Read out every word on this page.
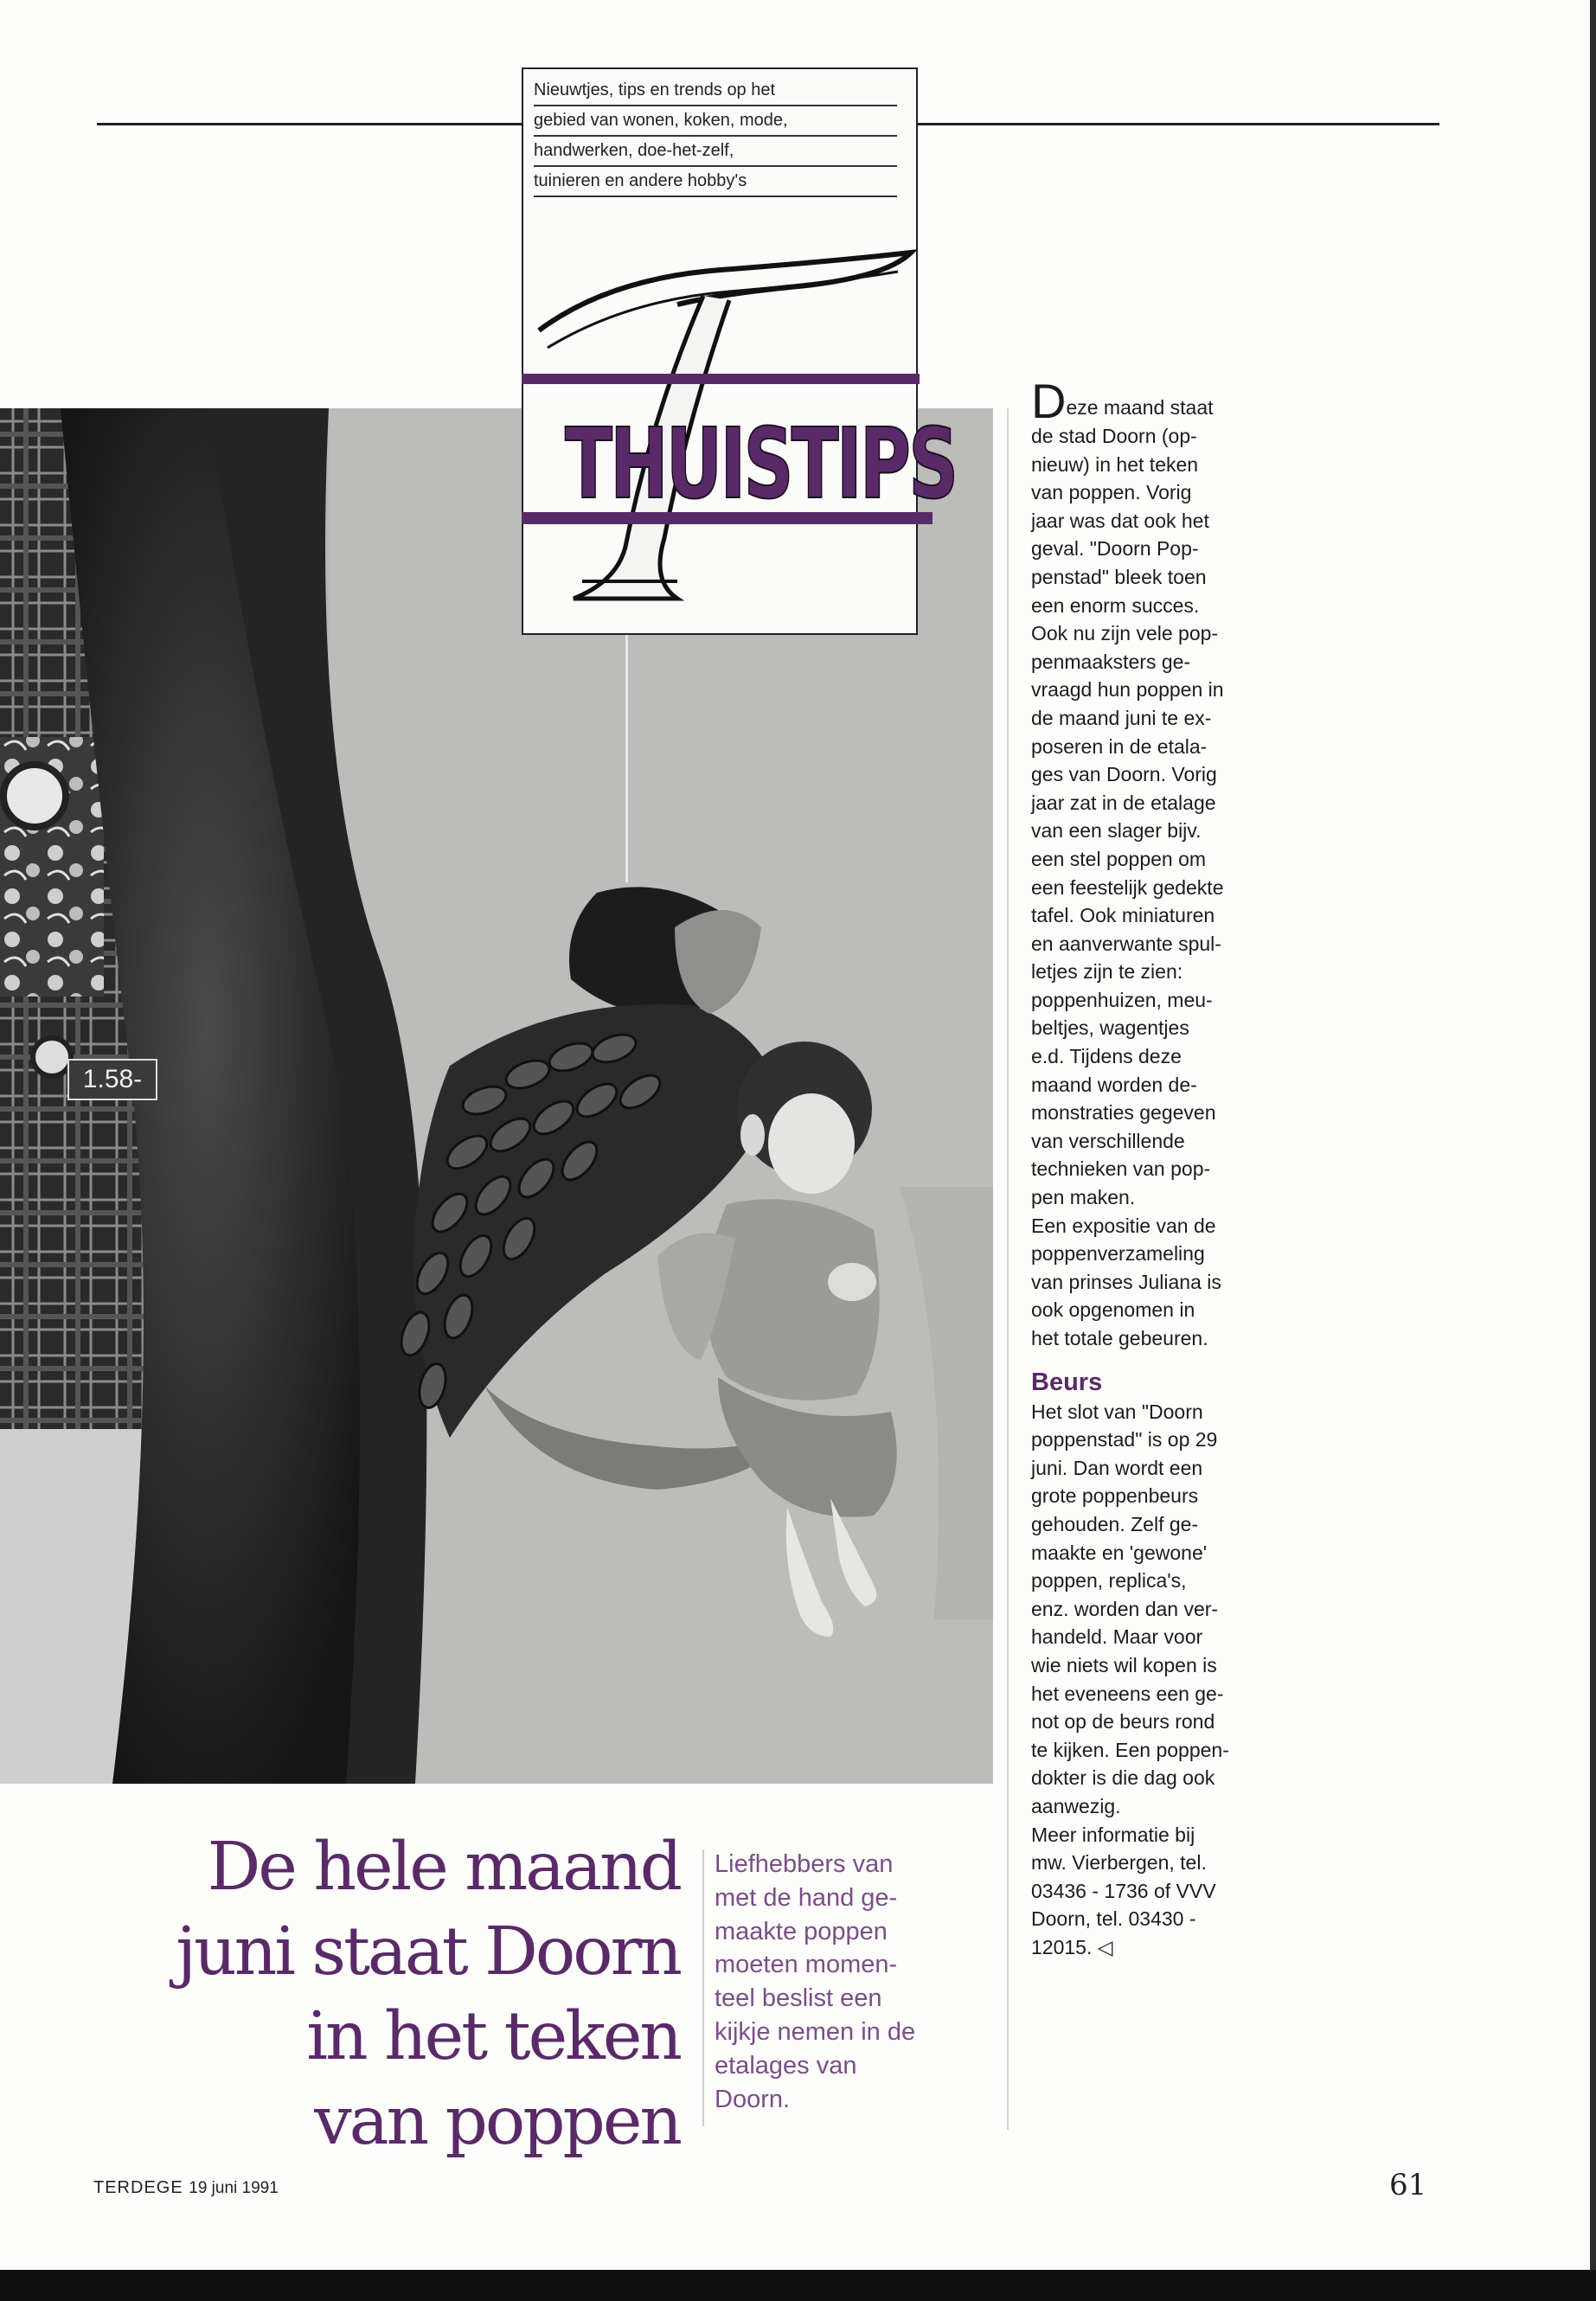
1.58-
Nieuwtjes, tips en trends op het
gebied van wonen, koken, mode,
handwerken, doe-het-zelf,
tuinieren en andere hobby's
THUISTIPS
Deze maand staat
de stad Doorn (op-
nieuw) in het teken
van poppen. Vorig
jaar was dat ook het
geval. "Doorn Pop-
penstad" bleek toen
een enorm succes.
Ook nu zijn vele pop-
penmaaksters ge-
vraagd hun poppen in
de maand juni te ex-
poseren in de etala-
ges van Doorn. Vorig
jaar zat in de etalage
van een slager bijv.
een stel poppen om
een feestelijk gedekte
tafel. Ook miniaturen
en aanverwante spul-
letjes zijn te zien:
poppenhuizen, meu-
beltjes, wagentjes
e.d. Tijdens deze
maand worden de-
monstraties gegeven
van verschillende
technieken van pop-
pen maken.
Een expositie van de
poppenverzameling
van prinses Juliana is
ook opgenomen in
het totale gebeuren.

Beurs
Het slot van "Doorn
poppenstad" is op 29
juni. Dan wordt een
grote poppenbeurs
gehouden. Zelf ge-
maakte en 'gewone'
poppen, replica's,
enz. worden dan ver-
handeld. Maar voor
wie niets wil kopen is
het eveneens een ge-
not op de beurs rond
te kijken. Een poppen-
dokter is die dag ook
aanwezig.
Meer informatie bij
mw. Vierbergen, tel.
03436 - 1736 of VVV
Doorn, tel. 03430 -
12015. ◁
De hele maand
juni staat Doorn
in het teken
van poppen
Liefhebbers van
met de hand ge-
maakte poppen
moeten momen-
teel beslist een
kijkje nemen in de
etalages van
Doorn.
TERDEGE 19 juni 1991	61
